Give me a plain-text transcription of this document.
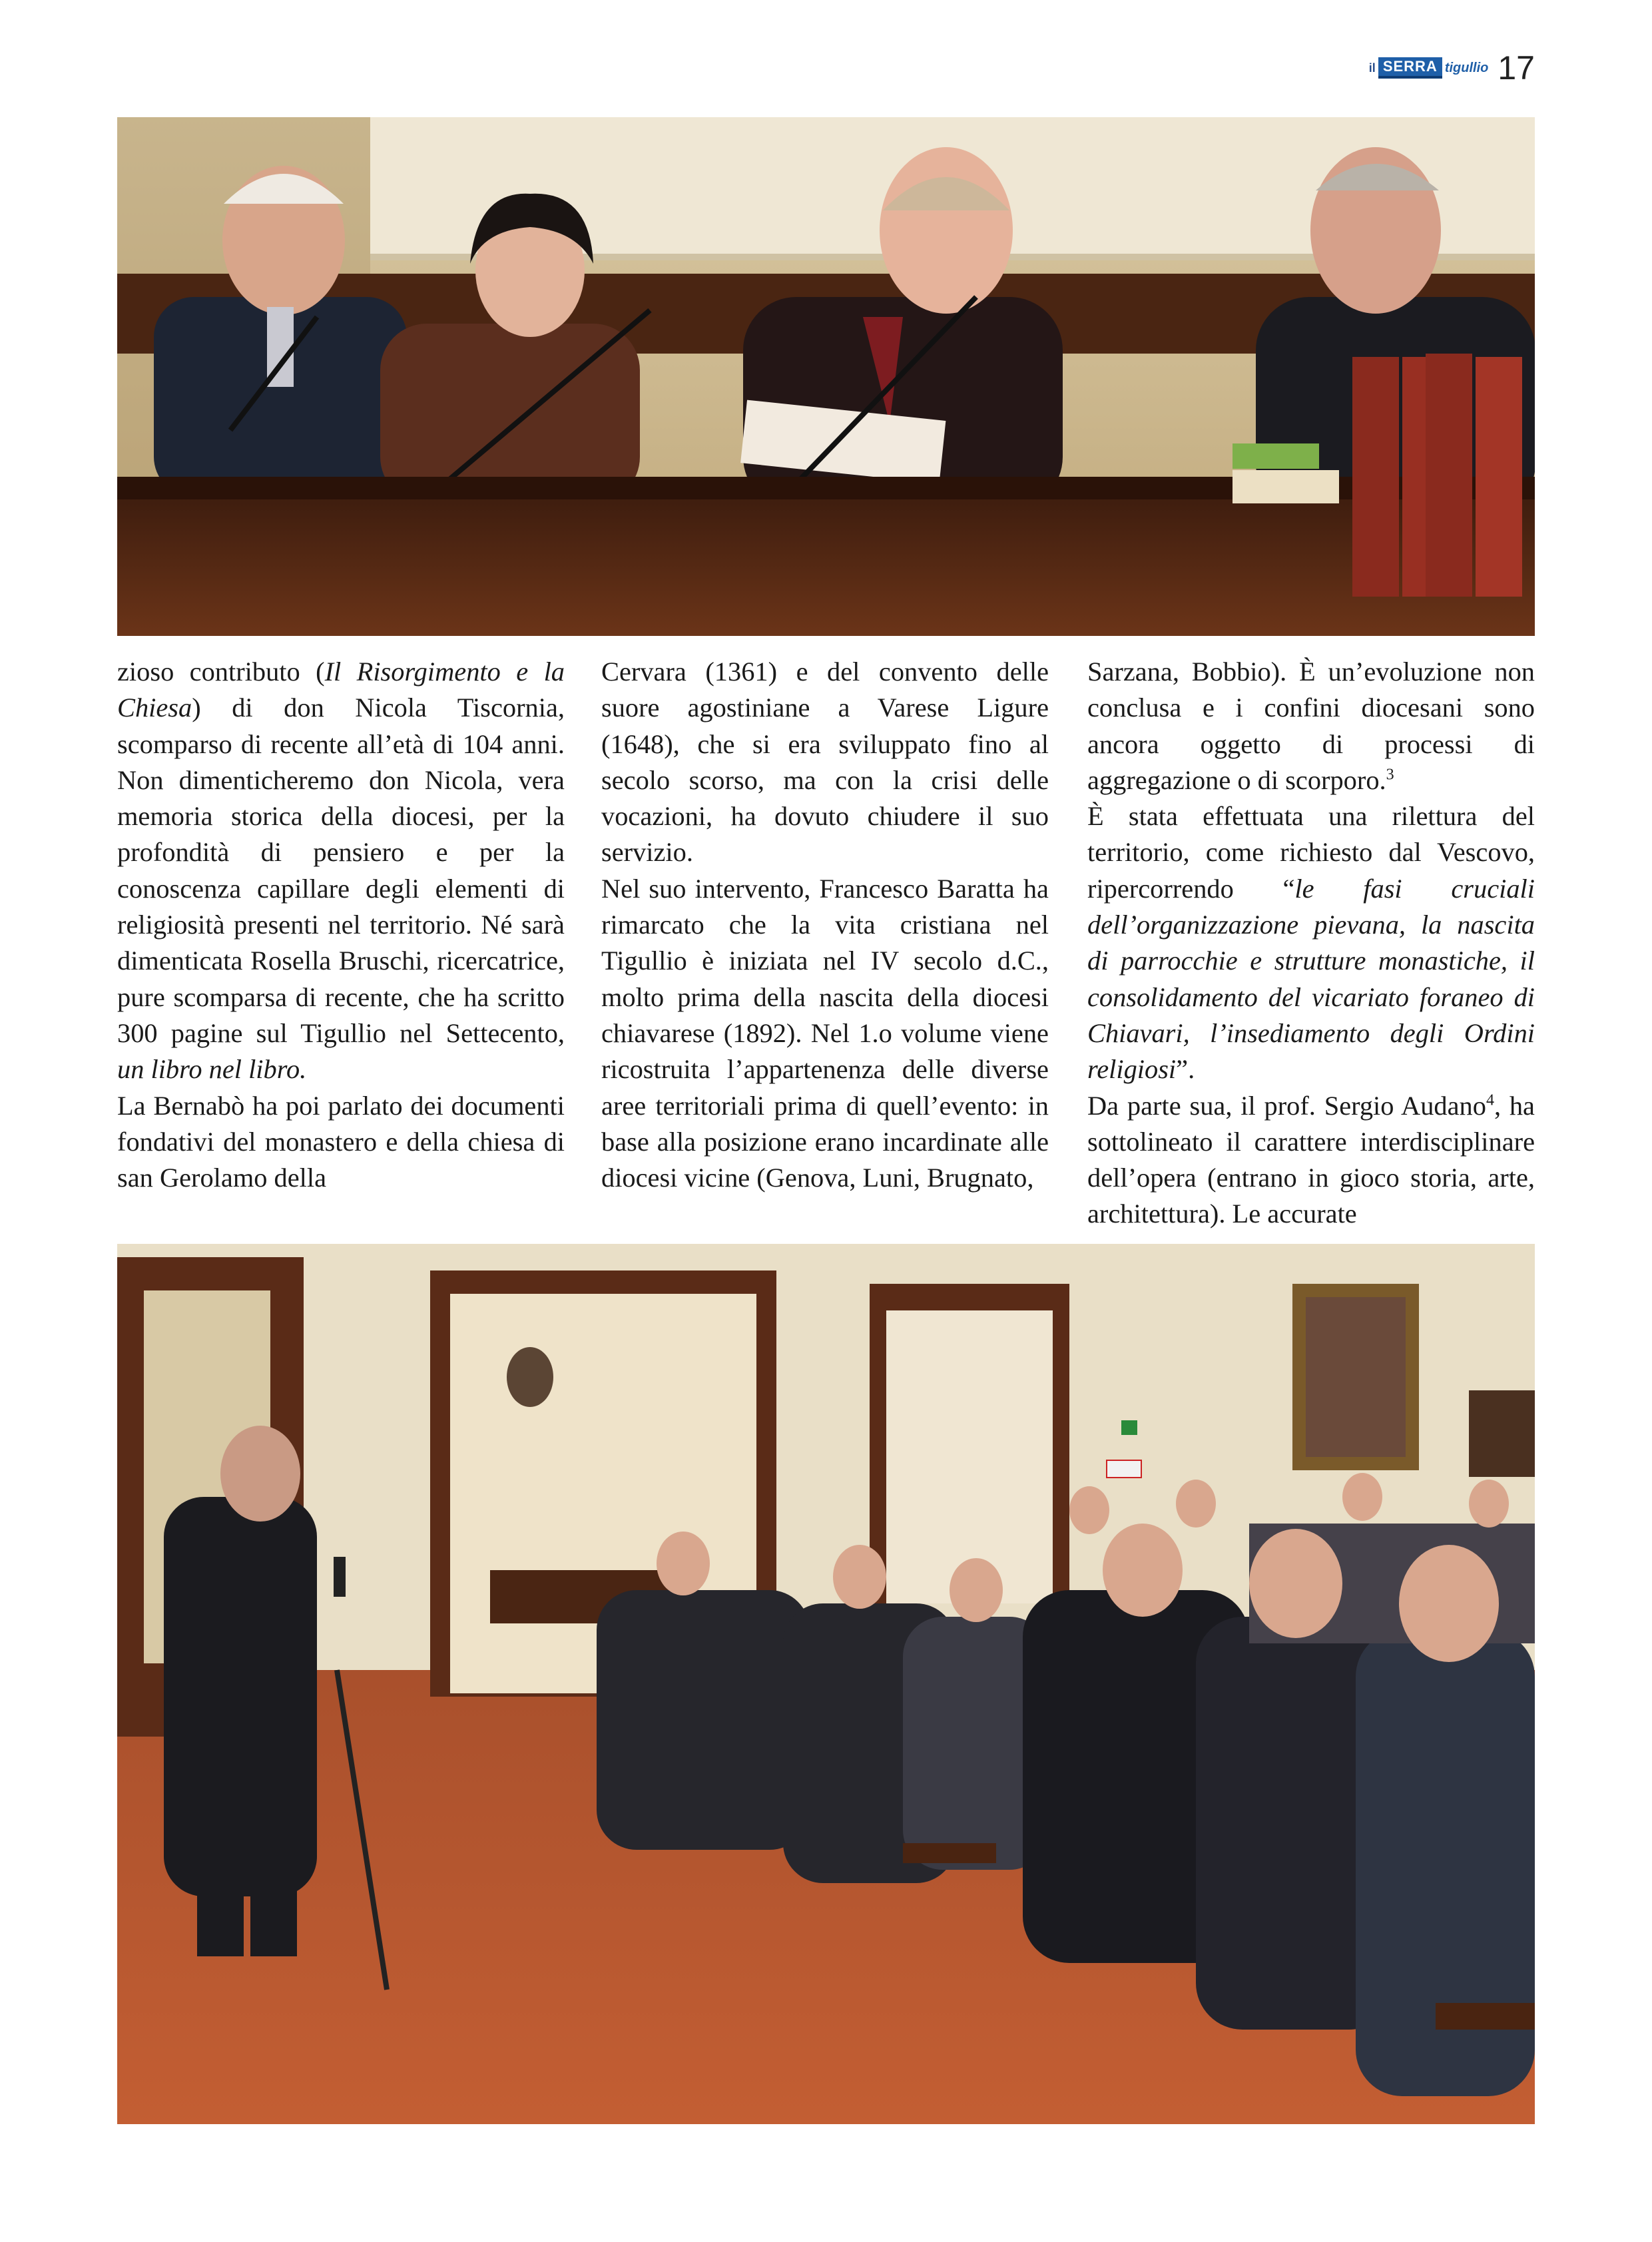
il SERRA tigullio 17

zioso contributo (Il Risorgimento e la Chiesa) di don Nicola Tiscornia, scomparso di recente all’età di 104 anni. Non dimenticheremo don Nicola, vera memoria storica della diocesi, per la profondità di pensiero e per la conoscenza capillare degli elementi di religiosità presenti nel territorio. Né sarà dimenticata Rosella Bruschi, ricercatrice, pure scomparsa di recente, che ha scritto 300 pagine sul Tigullio nel Settecento, un libro nel libro.

La Bernabò ha poi parlato dei documenti fondativi del monastero e della chiesa di san Gerolamo della

Cervara (1361) e del convento delle suore agostiniane a Varese Ligure (1648), che si era sviluppato fino al secolo scorso, ma con la crisi delle vocazioni, ha dovuto chiudere il suo servizio.

Nel suo intervento, Francesco Baratta ha rimarcato che la vita cristiana nel Tigullio è iniziata nel IV secolo d.C., molto prima della nascita della diocesi chiavarese (1892). Nel 1.o volume viene ricostruita l’appartenenza delle diverse aree territoriali prima di quell’evento: in base alla posizione erano incardinate alle diocesi vicine (Genova, Luni, Brugnato,

Sarzana, Bobbio). È un’evoluzione non conclusa e i confini diocesani sono ancora oggetto di processi di aggregazione o di scorporo.$^3$

È stata effettuata una rilettura del territorio, come richiesto dal Vescovo, ripercorrendo “le fasi cruciali dell’organizzazione pievana, la nascita di parrocchie e strutture monastiche, il consolidamento del vicariato foraneo di Chiavari, l’insediamento degli Ordini religiosi”.

Da parte sua, il prof. Sergio Audano$^4$, ha sottolineato il carattere interdisciplinare dell’opera (entrano in gioco storia, arte, architettura). Le accurate
